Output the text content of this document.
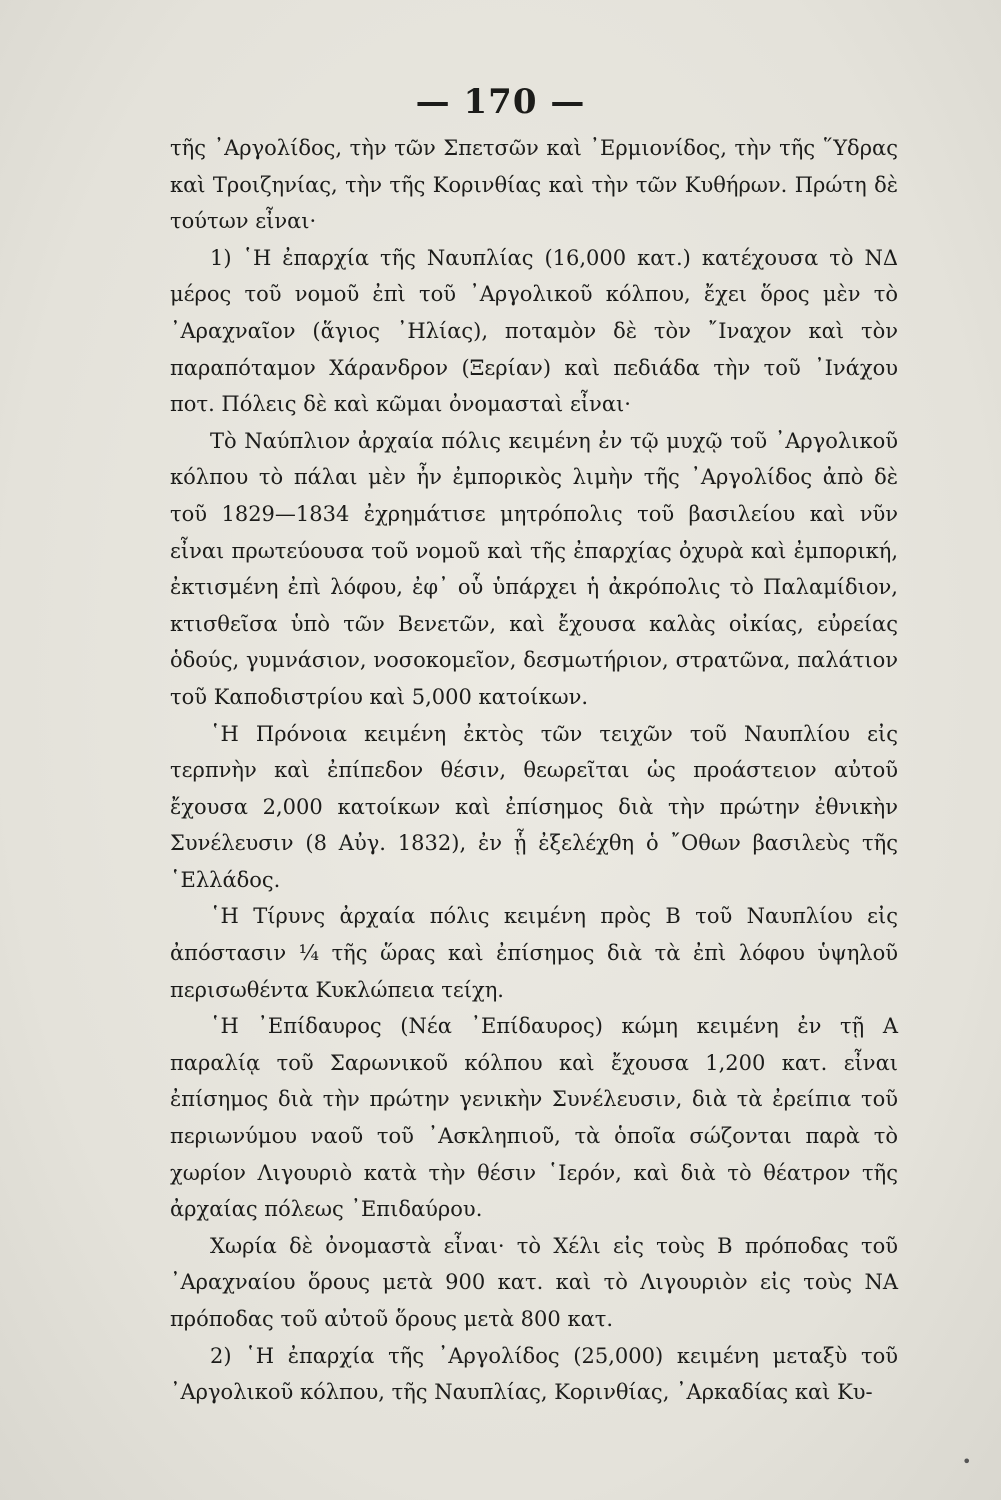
— 170 —

τῆς ᾿Αργολίδος, τὴν τῶν Σπετσῶν καὶ ᾿Ερμιονίδος, τὴν τῆς ῞Υδρας καὶ Τροιζηνίας, τὴν τῆς Κορινθίας καὶ τὴν τῶν Κυθήρων. Πρώτη δὲ τούτων εἶναι·

1) ῾Η ἐπαρχία τῆς Ναυπλίας (16,000 κατ.) κατέχουσα τὸ ΝΔ μέρος τοῦ νομοῦ ἐπὶ τοῦ ᾿Αργολικοῦ κόλπου, ἔχει ὅρος μὲν τὸ ᾿Αραχναῖον (ἅγιος ᾿Ηλίας), ποταμὸν δὲ τὸν ῎Ιναχον καὶ τὸν παραπόταμον Χάρανδρον (Ξερίαν) καὶ πεδιάδα τὴν τοῦ ᾿Ινάχου ποτ. Πόλεις δὲ καὶ κῶμαι ὀνομασταὶ εἶναι·

Τὸ Ναύπλιον ἀρχαία πόλις κειμένη ἐν τῷ μυχῷ τοῦ ᾿Αργολικοῦ κόλπου τὸ πάλαι μὲν ἦν ἐμπορικὸς λιμὴν τῆς ᾿Αργολίδος ἀπὸ δὲ τοῦ 1829—1834 ἐχρημάτισε μητρόπολις τοῦ βασιλείου καὶ νῦν εἶναι πρωτεύουσα τοῦ νομοῦ καὶ τῆς ἐπαρχίας ὀχυρὰ καὶ ἐμπορική, ἐκτισμένη ἐπὶ λόφου, ἐφ᾿ οὗ ὑπάρχει ἡ ἀκρόπολις τὸ Παλαμίδιον, κτισθεῖσα ὑπὸ τῶν Βενετῶν, καὶ ἔχουσα καλὰς οἰκίας, εὐρείας ὁδούς, γυμνάσιον, νοσοκομεῖον, δεσμωτήριον, στρατῶνα, παλάτιον τοῦ Καποδιστρίου καὶ 5,000 κατοίκων.

῾Η Πρόνοια κειμένη ἐκτὸς τῶν τειχῶν τοῦ Ναυπλίου εἰς τερπνὴν καὶ ἐπίπεδον θέσιν, θεωρεῖται ὡς προάστειον αὐτοῦ ἔχουσα 2,000 κατοίκων καὶ ἐπίσημος διὰ τὴν πρώτην ἐθνικὴν Συνέλευσιν (8 Αὐγ. 1832), ἐν ᾗ ἐξελέχθη ὁ ῎Οθων βασιλεὺς τῆς ῾Ελλάδος.

῾Η Τίρυνς ἀρχαία πόλις κειμένη πρὸς Β τοῦ Ναυπλίου εἰς ἀπόστασιν ¼ τῆς ὥρας καὶ ἐπίσημος διὰ τὰ ἐπὶ λόφου ὑψηλοῦ περισωθέντα Κυκλώπεια τείχη.

῾Η ᾿Επίδαυρος (Νέα ᾿Επίδαυρος) κώμη κειμένη ἐν τῇ Α παραλίᾳ τοῦ Σαρωνικοῦ κόλπου καὶ ἔχουσα 1,200 κατ. εἶναι ἐπίσημος διὰ τὴν πρώτην γενικὴν Συνέλευσιν, διὰ τὰ ἐρείπια τοῦ περιωνύμου ναοῦ τοῦ ᾿Ασκληπιοῦ, τὰ ὁποῖα σώζονται παρὰ τὸ χωρίον Λιγουριὸ κατὰ τὴν θέσιν ῾Ιερόν, καὶ διὰ τὸ θέατρον τῆς ἀρχαίας πόλεως ᾿Επιδαύρου.

Χωρία δὲ ὀνομαστὰ εἶναι· τὸ Χέλι εἰς τοὺς Β πρόποδας τοῦ ᾿Αραχναίου ὅρους μετὰ 900 κατ. καὶ τὸ Λιγουριὸν εἰς τοὺς ΝΑ πρόποδας τοῦ αὐτοῦ ὅρους μετὰ 800 κατ.

2) ῾Η ἐπαρχία τῆς ᾿Αργολίδος (25,000) κειμένη μεταξὺ τοῦ ᾿Αργολικοῦ κόλπου, τῆς Ναυπλίας, Κορινθίας, ᾿Αρκαδίας καὶ Κυ-

•
